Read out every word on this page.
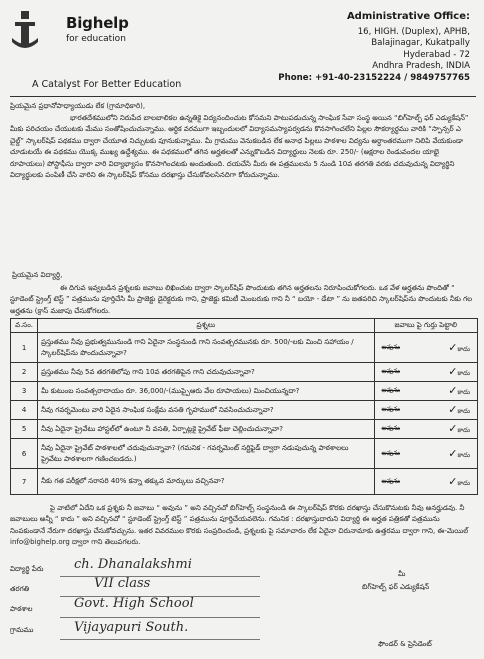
Bighelp
for education
A Catalyst For Better Education
Administrative Office:
16, HIGH. (Duplex), APHB,
Balajinagar, Kukatpally
Hyderabad - 72
Andhra Pradesh, INDIA
Phone: +91-40-23152224 / 9849757765
ప్రియమైన ప్రధానోపాధ్యాయుడు లేక (గ్రామాధికారి),
భారతదేశములోని నిరుపేద బాలబాలికల ఉన్నతికై విద్యనందించుట కోసమని పాటుపడుచున్న సాంఘిక సేవా సంస్థ అయిన “బిగ్‌హెల్ప్ ఫర్ ఎడ్యుకేషన్” మీకు పరిచయం చేయుటకు మేము సంతోషించుచున్నాము. ఆర్థిక వరముగా ఇబ్బందులలో విద్యాసమస్యాపర్వడను కొనసాగించలేని పిల్లల సౌకర్యార్థము వారికి “స్పాన్సర్ ఎ చైల్డ్” స్కాలర్‌షిప్ పథకము ద్వారా చేయూత నిచ్చుటకు పూనుకున్నాము. మీ గ్రామము వెనుకబడిన లేక అనాధ పిల్లలు పాఠశాల విద్యను అర్ధాంతరముగా నిలిపి వేయకుండా చూడుటయే ఈ పథకము యొక్క ముఖ్య ఉద్దేశ్యము. ఈ పథకములో తగిన అర్హతలతో ఎన్నుకొబడిన విద్యార్థులు నెలకు రూ. 250/- (అక్షరాల రెండువందల యాభై రూపాయలు) పోస్టాఫీసు ద్వారా వారి విద్యాభ్యాసం కొనసాగించటకు అందుతుంది. దయచేసి మీరు ఈ పత్రములను 5 నుండి 10వ తరగతి వరకు చదువుచున్న విద్యార్థిని విద్యార్థులకు పంపిణీ చేసి వారిని ఈ స్కాలర్‌షిప్ కోసము దరఖాస్తు చేసుకోవలసినదిగా కోరుచున్నాము.
ప్రియమైన విద్యార్థి,
ఈ దిగువ ఇవ్వబడిన ప్రశ్నలకు జవాబు లిఖించుట ద్వారా స్కాలర్‌షిప్ పొందుటకు తగిన అర్హతలను నిరూపించుకోగలరు. ఒక వేళ అర్హతను పొందితో “ స్టూడెంట్ స్ట్రెంగ్త్ టెస్ట్ ” పత్రమును పూర్తిచేసి మీ ప్రాజెక్టు డైరెక్టరుకు గాని, ప్రాజెక్టు కమిటీ మెంబరుకు గాని నీ “ బయో - డేటా ” ను జతపరిచి స్కాలర్‌షిప్‌ను పొందుటకు నీకు గల అర్హతను (క్రాస్ మజాపు చేసుకోగలరు.
వ.సం.	ప్రశ్నలు	జవాబు పై గుర్తు పెట్టాలి
1	ప్రస్తుతము నీవు ప్రభుత్వమునుండి గాని ఏదైనా సంస్థనుండి గాని సంవత్సరమునకు రూ. 500/-లకు మించి సహాయం / స్కాలర్‌షిప్‌ను పొందుచున్నావా?	అవును ✓కాదు

2	ప్రస్తుతము నీవు 5వ తరగతిలోపు గాని 10వ తరగతిపైన గాని చదువుచున్నావా?	అవును ✓కాదు

3	మీ కుటుంబ సంవత్సరాదాయం రూ. 36,000/-(ముప్పైఆరు వేల రూపాయలు) మించియున్నదా?	అవును ✓కాదు

4	నీవు గవర్నమెంటు వారి ఏదైన సాంఘిక సంక్షేమ వసతి గృహములో నివసించుచున్నావా?	అవును ✓కాదు

5	నీవు ఏదైనా ప్రైవేటు హాస్టల్‌లో ఉంటూ నీ వసతి, ఏర్పాట్లకై ప్రైవేట్ ఫీజు చెల్లించుచున్నావా?	అవును ✓కాదు

6	నీవు ఏదైనా ప్రైవేట్ పాఠశాలలో చదువుచున్నావా? (గమనిక - గవర్నమెంట్ సర్టిఫైడ్ ద్వారా నడుపుచున్న పాఠశాలలు ప్రైవేటు పాఠశాలగా గణించబడదు.)	అవును ✓కాదు

7	నీకు గత పరీక్షలో సరాసరి 40% కన్నా తక్కువ మార్కులు వచ్చినవా?	అవును ✓కాదు
పై వాటిలో ఏదేని ఒక ప్రశ్నకు నీ జవాబు “ అవును ” అని వచ్చినచో బిగ్‌హెల్ప్ సంస్థనుండి ఈ స్కాలర్‌షిప్ కొరకు దరఖాస్తు చేసుకొనుటకు నీవు అనర్హుడవు. నీ జవాబులు అన్నీ “ కాదు ” అని వచ్చినచో “ స్టూడెంట్ స్ట్రెంగ్త్ టెస్ట్ ” పత్రమును పూర్తిచేయవలెను. గమనిక : దరఖాస్తుదారుని విద్యార్థి ఈ అర్హత పత్రికతో పత్రమును నింపకుండానే నేరుగా దరఖాస్తు చేసుకోవచ్చును. ఇతర వివరముల కొరకు సంప్రదించండి, ప్రశ్నలకు పై సమాచారం లేక ఏదైనా చిరునామాకు ఉత్తరము ద్వారా గాని, ఈ-మెయిల్ info@bighelp.org ద్వారా గాని తెలుపగలరు.
విద్యార్థి పేరు ch. Dhanalakshmi
తరగతి	VII class
పాఠశాల	Govt. High School
గ్రామము	Vijayapuri South.
మీ
బిగ్‌హెల్ప్ ఫర్ ఎడ్యుకేషన్
ఫౌండర్ & ప్రెసిడెంట్
